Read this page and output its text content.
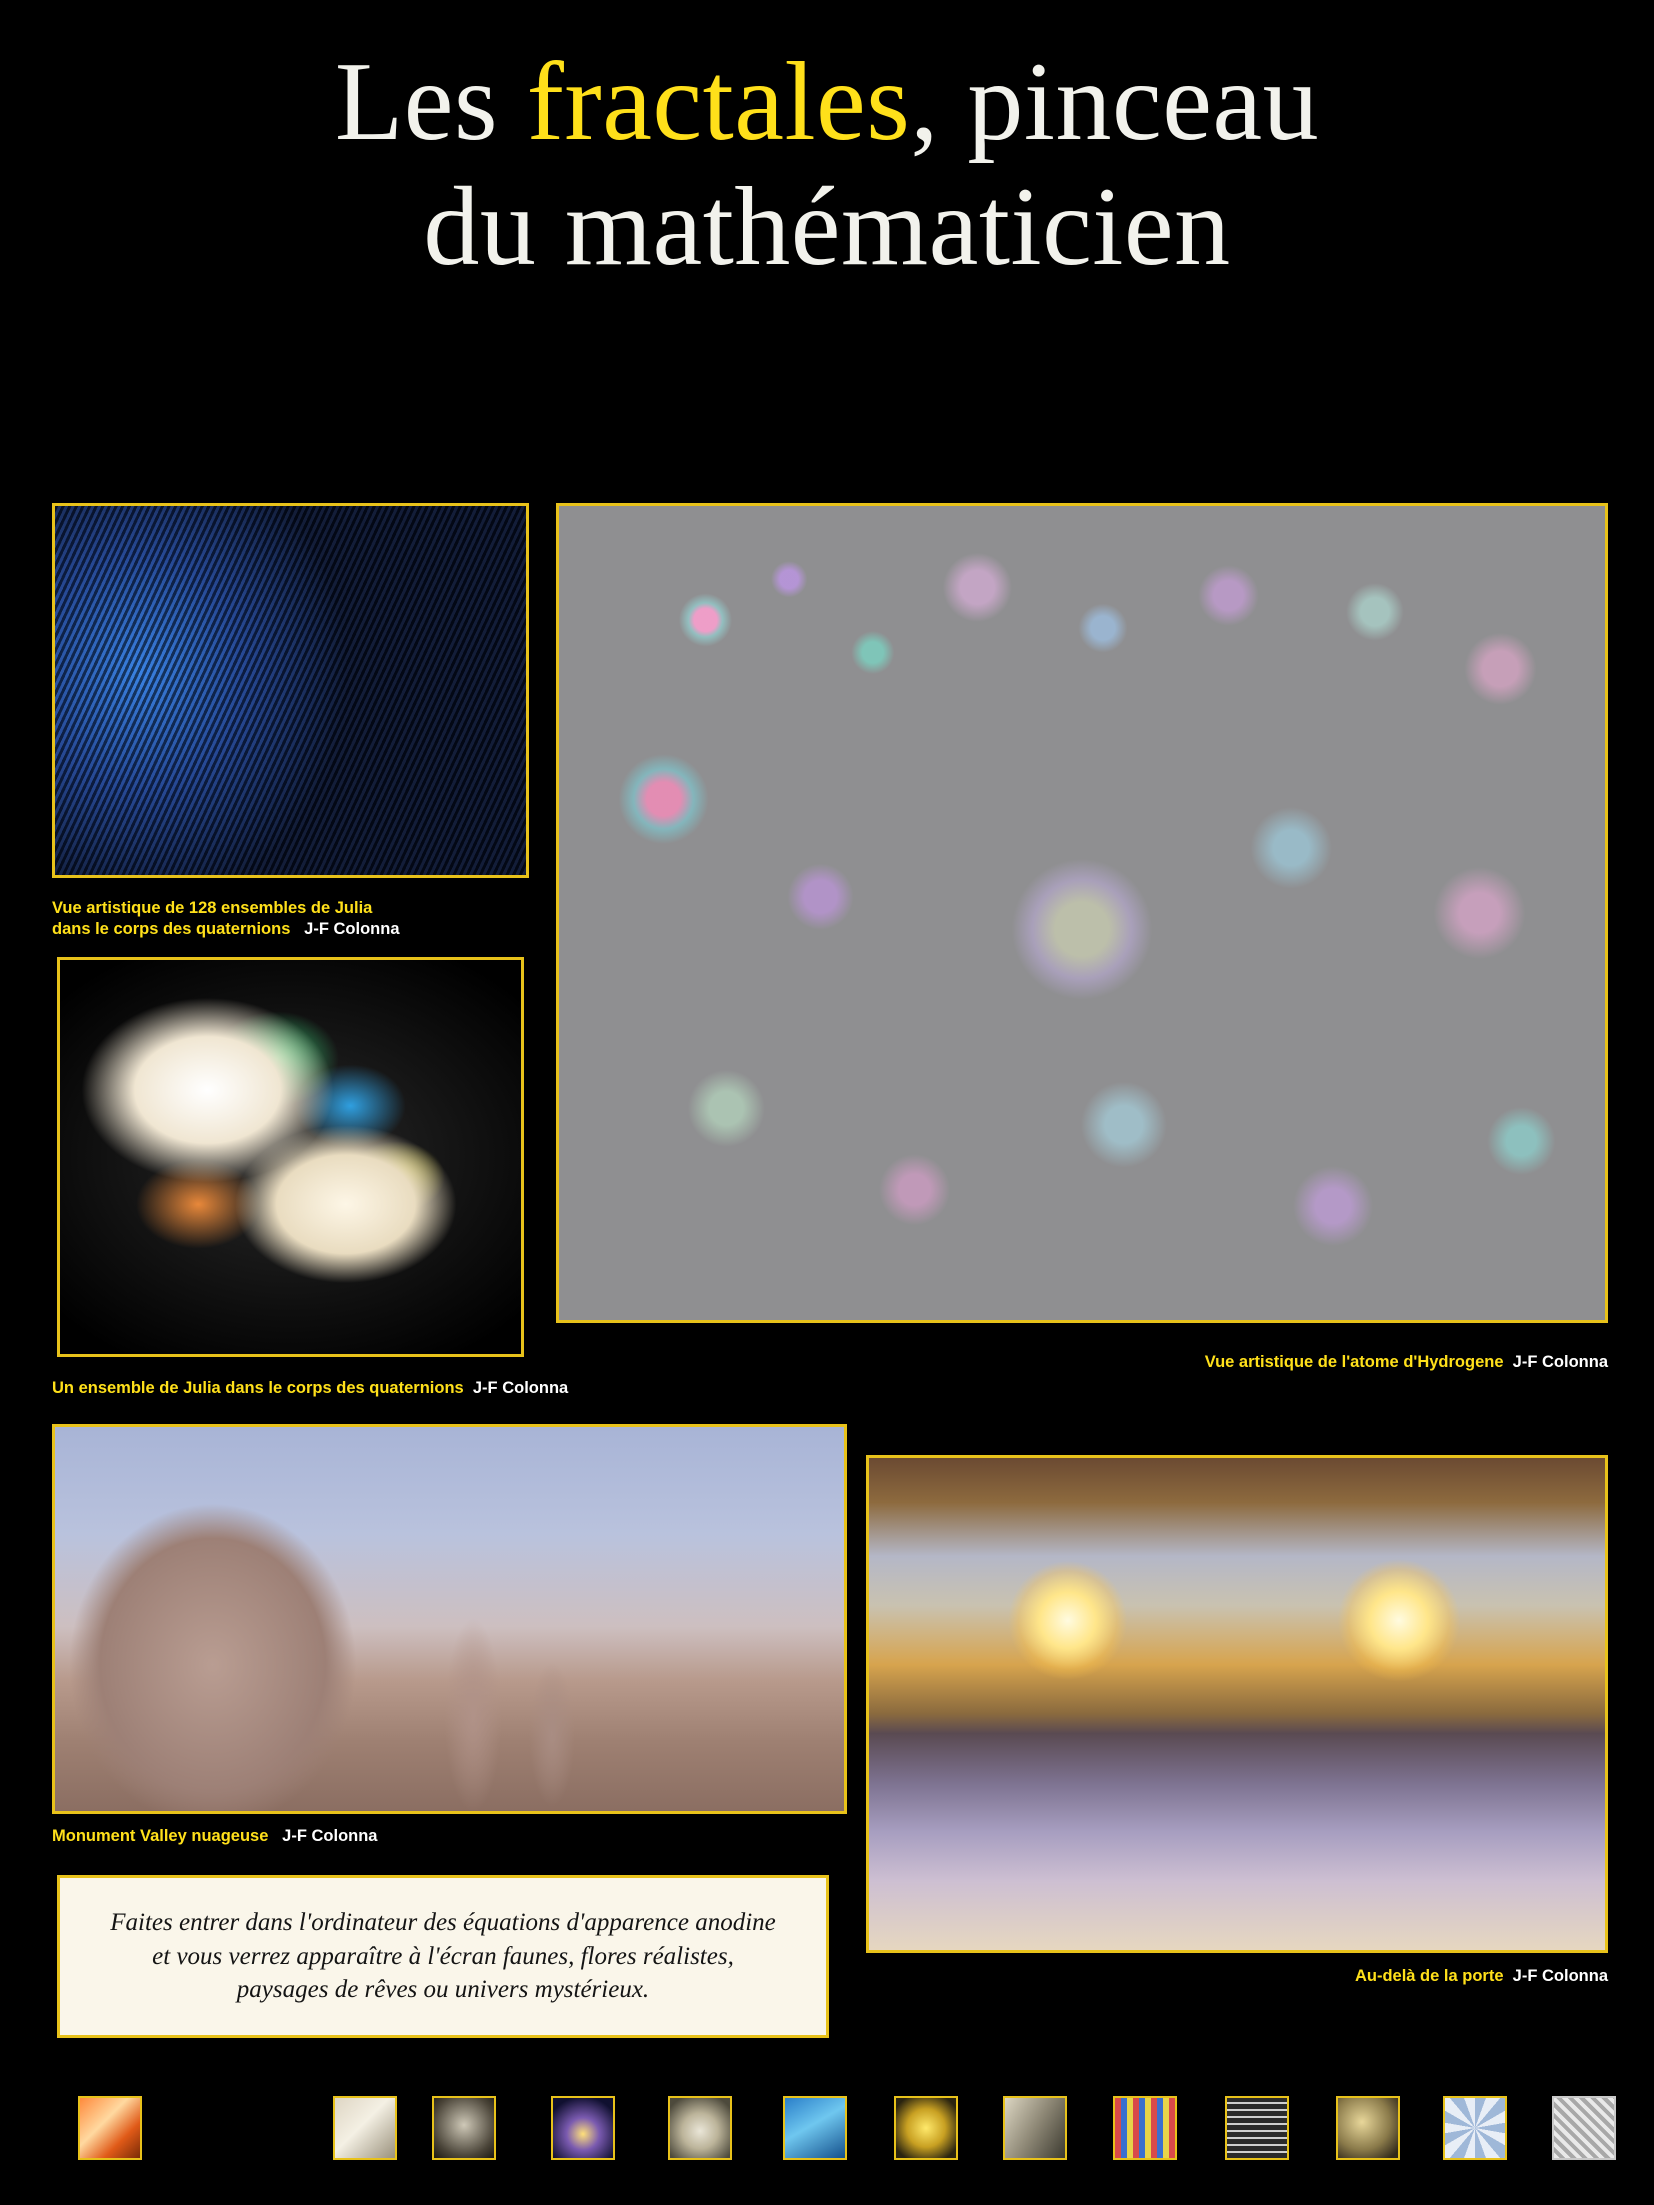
Les fractales, pinceau
du mathématicien
Vue artistique de 128 ensembles de Julia
dans le corps des quaternions J-F Colonna
Vue artistique de l'atome d'Hydrogene J-F Colonna
Un ensemble de Julia dans le corps des quaternions J-F Colonna
Monument Valley nuageuse J-F Colonna
Au-delà de la porte J-F Colonna
Faites entrer dans l'ordinateur des équations d'apparence anodine
et vous verrez apparaître à l'écran faunes, flores réalistes,
paysages de rêves ou univers mystérieux.
